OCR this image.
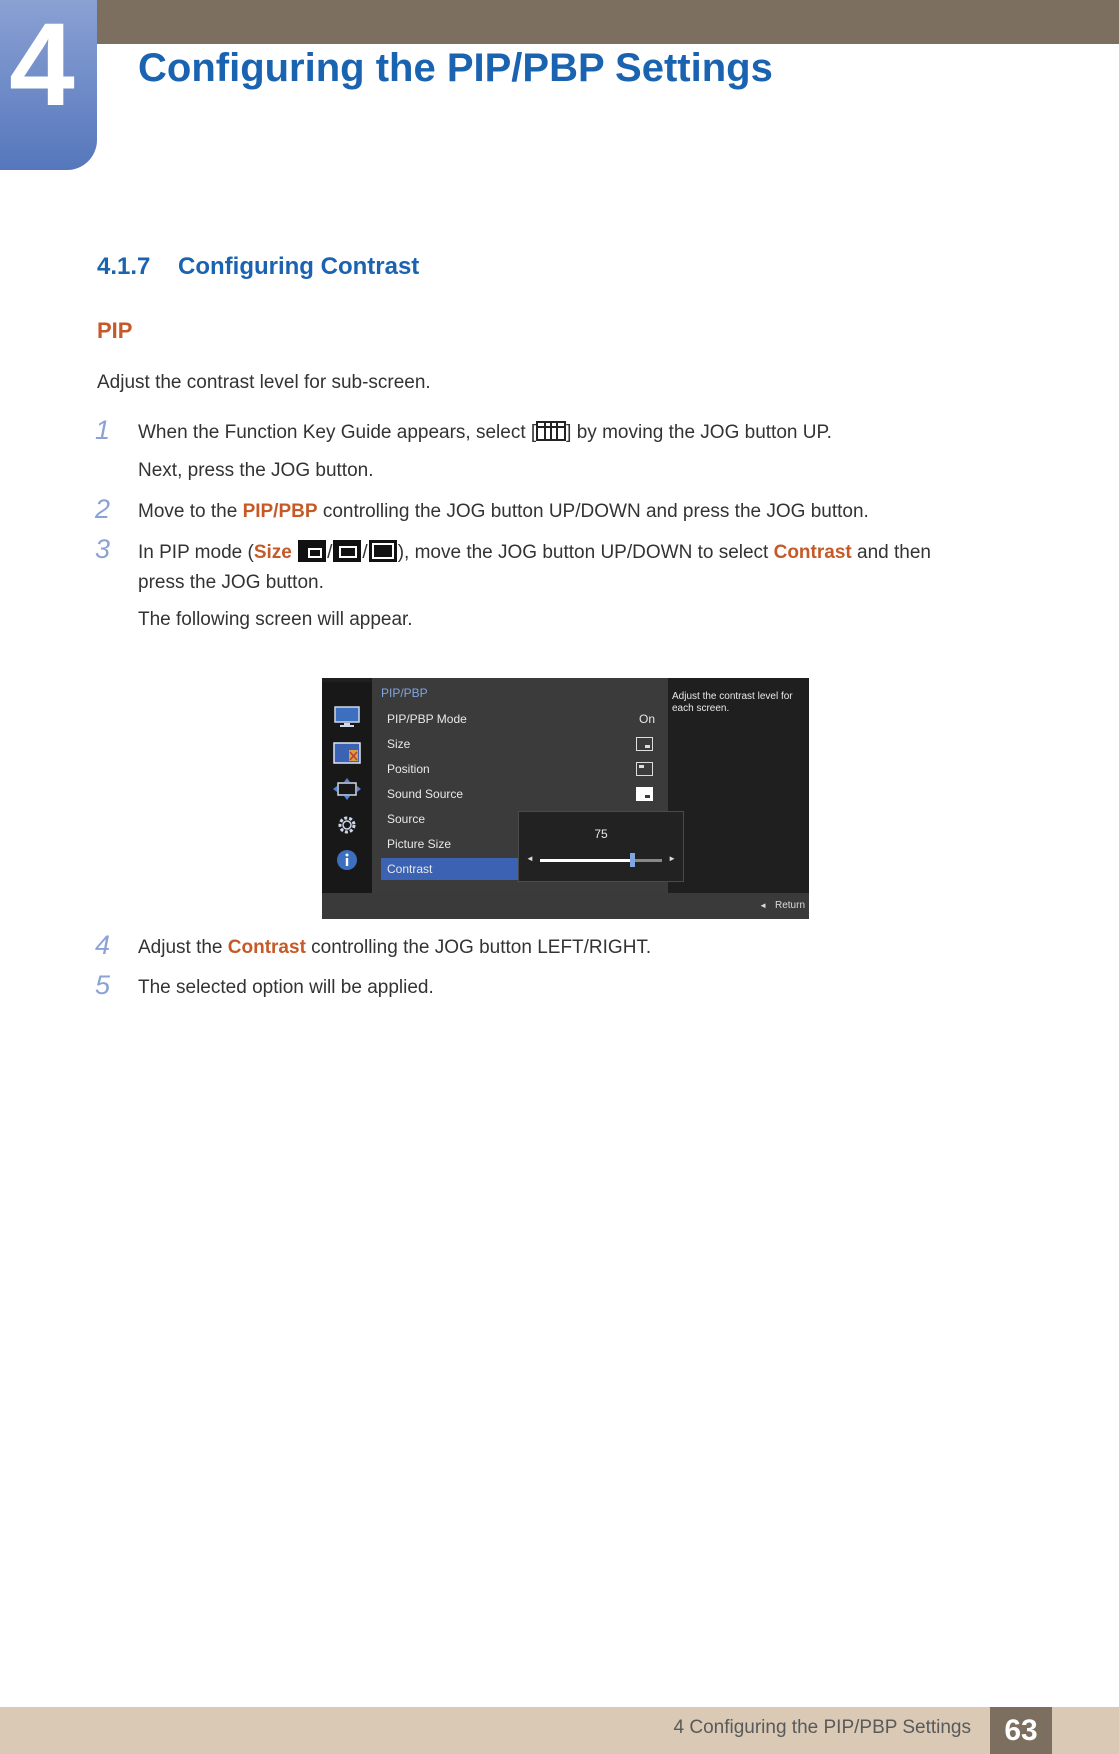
4 Configuring the PIP/PBP Settings
4.1.7 Configuring Contrast
PIP
Adjust the contrast level for sub-screen.
1 When the Function Key Guide appears, select [ ] by moving the JOG button UP.
Next, press the JOG button.
2 Move to the PIP/PBP controlling the JOG button UP/DOWN and press the JOG button.
3 In PIP mode (Size / / ), move the JOG button UP/DOWN to select Contrast and then
press the JOG button.
The following screen will appear.
PIP/PBP
PIP/PBP Mode	On
Size
Position
Sound Source
Source
Picture Size
Contrast
75
◄	►
Adjust the contrast level for each screen.
◄ Return
4 Adjust the Contrast controlling the JOG button LEFT/RIGHT.
5 The selected option will be applied.
4 Configuring the PIP/PBP Settings	63
